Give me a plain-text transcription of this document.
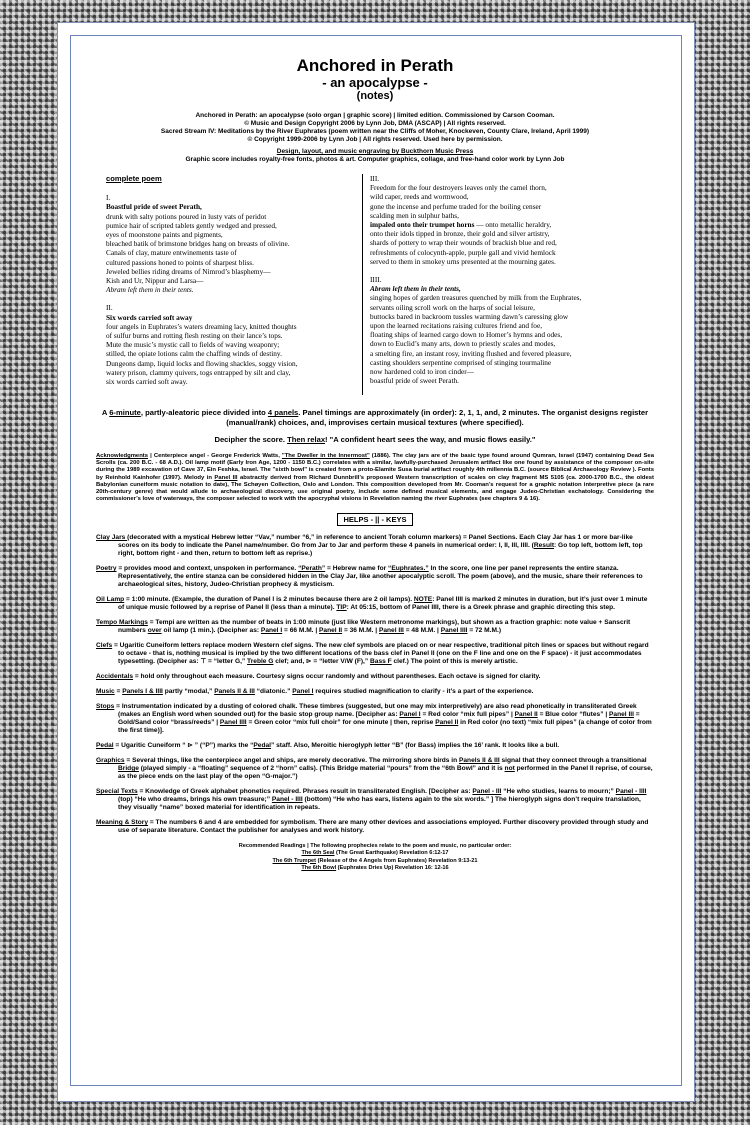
Anchored in Perath
- an apocalypse -
(notes)
Anchored in Perath: an apocalypse (solo organ | graphic score) | limited edition. Commissioned by Carson Cooman.
© Music and Design Copyright 2006 by Lynn Job, DMA (ASCAP) | All rights reserved.
Sacred Stream IV: Meditations by the River Euphrates (poem written near the Cliffs of Moher, Knockeven, County Clare, Ireland, April 1999)
© Copyright 1999-2006 by Lynn Job | All rights reserved. Used here by permission.
Design, layout, and music engraving by Buckthorn Music Press
Graphic score includes royalty-free fonts, photos & art. Computer graphics, collage, and free-hand color work by Lynn Job
complete poem
I.
Boastful pride of sweet Perath,
drunk with salty potions poured in lusty vats of peridot
pumice hair of scripted tablets gently wedged and pressed,
eyes of moonstone paints and pigments,
bleached batik of brimstone bridges hang on breasts of olivine.
Canals of clay, mature entwinements taste of
cultured passions honed to points of sharpest bliss.
Jeweled bellies riding dreams of Nimrod’s blasphemy—
Kish and Ur, Nippur and Larsa—
Abram left them in their tents.
II.
Six words carried soft away
four angels in Euphrates’s waters dreaming lacy, knitted thoughts
of sulfur burns and rotting flesh resting on their lance’s tops.
Mute the music’s mystic call to fields of waving weaponry;
stilled, the opiate lotions calm the chaffing winds of destiny.
Dungeons damp, liquid locks and flowing shackles, soggy vision,
watery prison, clammy quivers, togs entrapped by silt and clay,
six words carried soft away.
III.
Freedom for the four destroyers leaves only the camel thorn,
wild caper, reeds and wormwood,
gone the incense and perfume traded for the boiling censer
scalding men in sulphur baths,
impaled onto their trumpet horns — onto metallic heraldry,
onto their idols tipped in bronze, their gold and silver artistry,
shards of pottery to wrap their wounds of brackish blue and red,
refreshments of colocynth-apple, purple gall and vivid hemlock
served to them in smokey urns presented at the mourning gates.
IIII.
Abram left them in their tents,
singing hopes of garden treasures quenched by milk from the Euphrates,
servants oiling scroll work on the harps of social leisure,
buttocks bared in backroom tussles warming dawn’s caressing glow
upon the learned recitations raising cultures friend and foe,
floating ships of learned cargo down to Homer’s hymns and odes,
down to Euclid’s many arts, down to priestly scales and modes,
a smelting fire, an instant rosy, inviting flushed and fevered pleasure,
casting shoulders serpentine comprised of stinging tourmaline
now hardened cold to iron cinder—
boastful pride of sweet Perath.
A 6-minute, partly-aleatoric piece divided into 4 panels. Panel timings are approximately (in order): 2, 1, 1, and, 2 minutes. The organist designs register (manual/rank) choices, and, improvises certain musical textures (where specified).
Decipher the score. Then relax! "A confident heart sees the way, and music flows easily."
Acknowledgments | Centerpiece angel - George Frederick Watts, "The Dweller in the Innermost" (1886). The clay jars are of the basic type found around Qumran, Israel (1947) containing Dead Sea Scrolls (ca. 200 B.C. - 68 A.D.). Oil lamp motif (Early Iron Age, 1200 - 1150 B.C.) correlates with a similar, lawfully-purchased Jerusalem artifact like one found by assistance of the composer on-site during the 1989 excavation of Cave 37, Ein Feshka, Israel. The "sixth bowl" is created from a proto-Elamite Susa burial artifact roughly 4th millennia B.C. (source Biblical Archaeology Review ). Fonts by Reinhold Kainhofer (1997). Melody in Panel III abstractly derived from Richard Dunnbrill’s proposed Western transcription of scales on clay fragment MS 5105 (ca. 2000-1700 B.C., the oldest Babylonian cuneiform music notation to date), The Schøyen Collection, Oslo and London. This composition developed from Mr. Cooman’s request for a graphic notation interpretive piece (a rare 20th-century genre) that would allude to archaeological discovery, use original poetry, include some defined musical elements, and engage Judeo-Christian eschatology. Considering the commissioner’s love of waterways, the composer selected to work with the apocryphal visions in Revelation naming the river Euphrates (see chapters 9 & 16).
HELPS - || - KEYS
Clay Jars (decorated with a mystical Hebrew letter “Vav,” number “6,” in reference to ancient Torah column markers) = Panel Sections. Each Clay Jar has 1 or more bar-like scores on its body to indicate the Panel name/number. Go from Jar to Jar and perform these 4 panels in numerical order: I, II, III, IIII. (Result: Go top left, bottom left, top right, bottom right - and then, return to bottom left as reprise.)
Poetry = provides mood and context, unspoken in performance. “Perath” = Hebrew name for “Euphrates.” In the score, one line per panel represents the entire stanza. Representatively, the entire stanza can be considered hidden in the Clay Jar, like another apocalyptic scroll. The poem (above), and the music, share their references to archaeological sites, history, Judeo-Christian prophecy & mysticism.
Oil Lamp = 1:00 minute. (Example, the duration of Panel I is 2 minutes because there are 2 oil lamps). NOTE: Panel IIII is marked 2 minutes in duration, but it’s just over 1 minute of unique music followed by a reprise of Panel II (less than a minute). TIP: At 05:15, bottom of Panel IIII, there is a Greek phrase and graphic directing this step.
Tempo Markings = Tempi are written as the number of beats in 1:00 minute (just like Western metronome markings), but shown as a fraction graphic: note value + Sanscrit numbers over oil lamp (1 min.). (Decipher as: Panel I = 66 M.M. | Panel II = 36 M.M. | Panel III = 48 M.M. | Panel IIII = 72 M.M.)
Clefs = Ugaritic Cuneiform letters replace modern Western clef signs. The new clef symbols are placed on or near respective, traditional pitch lines or spaces but without regard to octave - that is, nothing musical is implied by the two different locations of the bass clef in Panel II (one on the F line and one on the F space) - it just accommodates typesetting. (Decipher as: ⊤ = “letter G,” Treble G clef; and, ⊳ = “letter V/W (F),” Bass F clef.) The point of this is merely artistic.
Accidentals = hold only throughout each measure. Courtesy signs occur randomly and without parentheses. Each octave is signed for clarity.
Music = Panels I & IIII partly “modal,” Panels II & III “diatonic.” Panel I requires studied magnification to clarify - it’s a part of the experience.
Stops = Instrumentation indicated by a dusting of colored chalk. These timbres (suggested, but one may mix interpretively) are also read phonetically in transliterated Greek (makes an English word when sounded out) for the basic stop group name. [Decipher as: Panel I = Red color “mix full pipes” | Panel II = Blue color “flutes” | Panel III = Gold/Sand color “brass/reeds” | Panel IIII = Green color “mix full choir” for one minute | then, reprise Panel II in Red color (no text) “mix full pipes” (a change of color from the first time)].
Pedal = Ugaritic Cuneiform “ ⊳ ” (“P”) marks the “Pedal” staff. Also, Meroitic hieroglyph letter “B” (for Bass) implies the 16’ rank. It looks like a bull.
Graphics = Several things, like the centerpiece angel and ships, are merely decorative. The mirroring shore birds in Panels II & III signal that they connect through a transitional Bridge (played simply - a “floating” sequence of 2 “horn” calls). (This Bridge material “pours” from the “6th Bowl” and it is not performed in the Panel II reprise, of course, as the piece ends on the last play of the open “G-major.”)
Special Texts = Knowledge of Greek alphabet phonetics required. Phrases result in transliterated English. [Decipher as: Panel - III “He who studies, learns to mourn;” Panel - IIII (top) “He who dreams, brings his own treasure;” Panel - IIII (bottom) “He who has ears, listens again to the six words.” ] The hieroglyph signs don’t require translation, they visually “name” boxed material for identification in repeats.
Meaning & Story = The numbers 6 and 4 are embedded for symbolism. There are many other devices and associations employed. Further discovery provided through study and use of separate literature. Contact the publisher for analyses and work history.
Recommended Readings | The following prophecies relate to the poem and music, no particular order:
The 6th Seal (The Great Earthquake) Revelation 6:12-17
The 6th Trumpet (Release of the 4 Angels from Euphrates) Revelation 9:13-21
The 6th Bowl (Euphrates Dries Up) Revelation 16: 12-16
